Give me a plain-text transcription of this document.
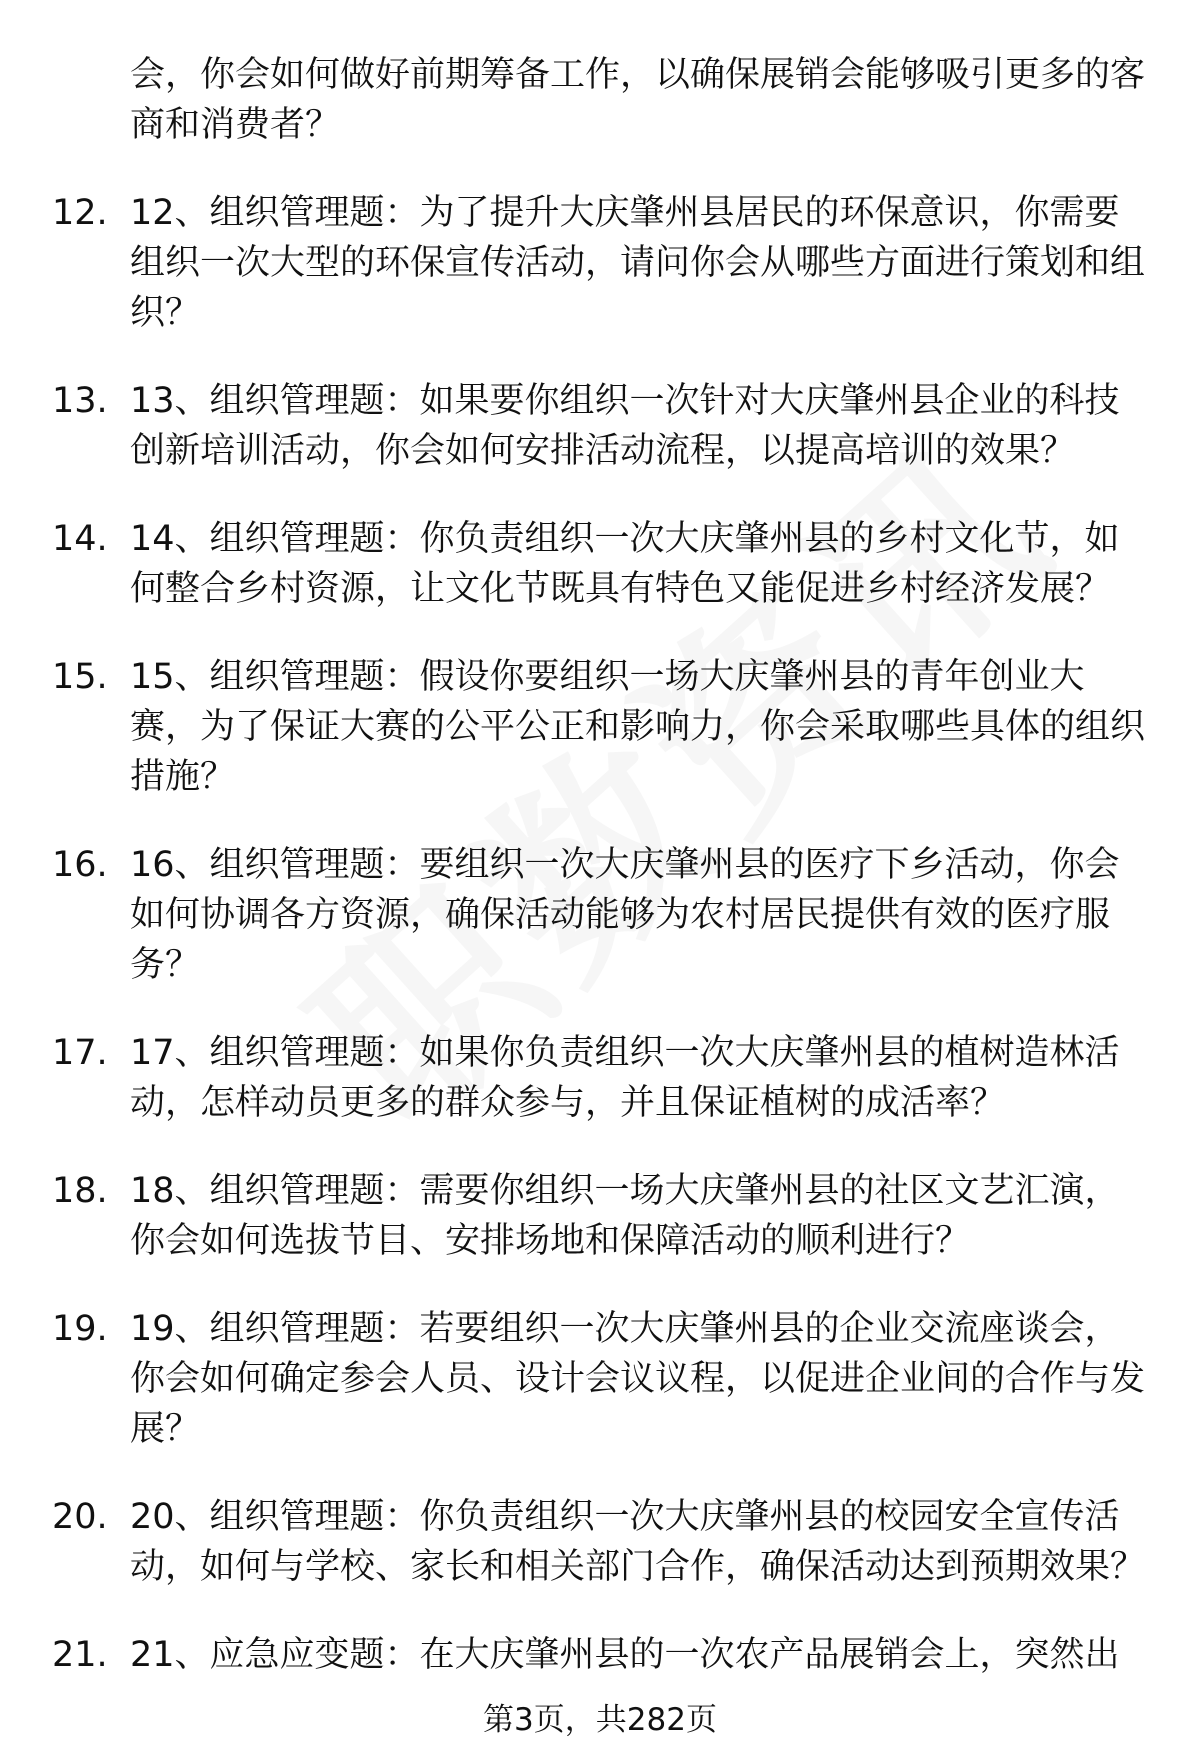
会，你会如何做好前期筹备工作，以确保展销会能够吸引更多的客商和消费者？
12. 12、组织管理题：为了提升大庆肇州县居民的环保意识，你需要组织一次大型的环保宣传活动，请问你会从哪些方面进行策划和组织？
13. 13、组织管理题：如果要你组织一次针对大庆肇州县企业的科技创新培训活动，你会如何安排活动流程，以提高培训的效果？
14. 14、组织管理题：你负责组织一次大庆肇州县的乡村文化节，如何整合乡村资源，让文化节既具有特色又能促进乡村经济发展？
15. 15、组织管理题：假设你要组织一场大庆肇州县的青年创业大赛，为了保证大赛的公平公正和影响力，你会采取哪些具体的组织措施？
16. 16、组织管理题：要组织一次大庆肇州县的医疗下乡活动，你会如何协调各方资源，确保活动能够为农村居民提供有效的医疗服务？
17. 17、组织管理题：如果你负责组织一次大庆肇州县的植树造林活动，怎样动员更多的群众参与，并且保证植树的成活率？
18. 18、组织管理题：需要你组织一场大庆肇州县的社区文艺汇演，你会如何选拔节目、安排场地和保障活动的顺利进行？
19. 19、组织管理题：若要组织一次大庆肇州县的企业交流座谈会，你会如何确定参会人员、设计会议议程，以促进企业间的合作与发展？
20. 20、组织管理题：你负责组织一次大庆肇州县的校园安全宣传活动，如何与学校、家长和相关部门合作，确保活动达到预期效果？
21. 21、应急应变题：在大庆肇州县的一次农产品展销会上，突然出
第3页，共282页
